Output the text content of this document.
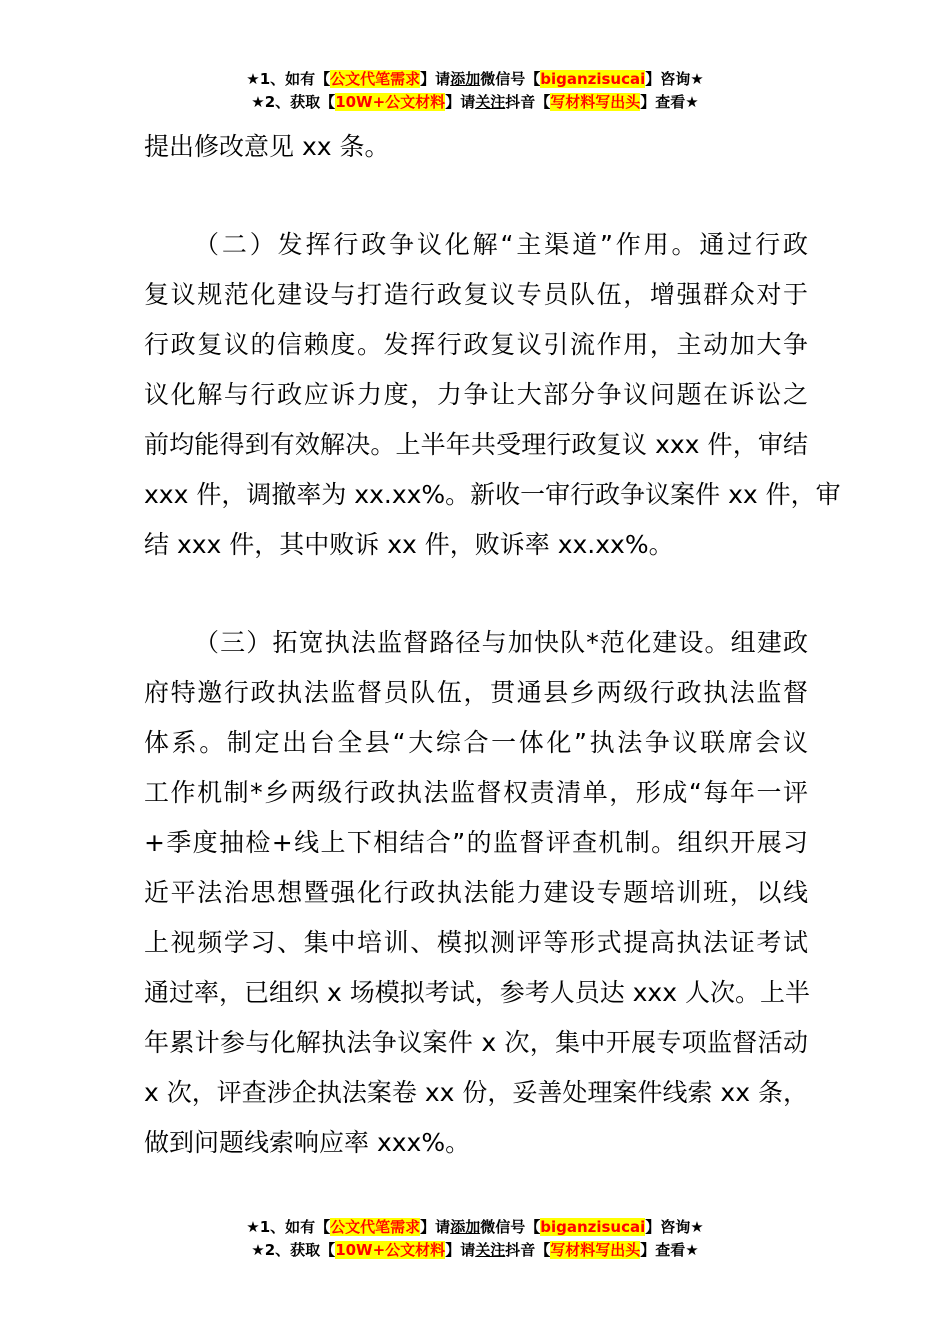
★1、如有【公文代笔需求】请添加微信号【biganzisucai】咨询★
★2、获取【10W+公文材料】请关注抖音【写材料写出头】查看★
提出修改意见 xx 条。
（二）发挥行政争议化解“主渠道”作用。通过行政
复议规范化建设与打造行政复议专员队伍，增强群众对于
行政复议的信赖度。发挥行政复议引流作用，主动加大争
议化解与行政应诉力度，力争让大部分争议问题在诉讼之
前均能得到有效解决。上半年共受理行政复议 xxx 件，审结
xxx 件，调撤率为 xx.xx%。新收一审行政争议案件 xx 件，审
结 xxx 件，其中败诉 xx 件，败诉率 xx.xx%。
（三）拓宽执法监督路径与加快队*范化建设。组建政
府特邀行政执法监督员队伍，贯通县乡两级行政执法监督
体系。制定出台全县“大综合一体化”执法争议联席会议
工作机制*乡两级行政执法监督权责清单，形成“每年一评
+季度抽检+线上下相结合”的监督评查机制。组织开展习
近平法治思想暨强化行政执法能力建设专题培训班，以线
上视频学习、集中培训、模拟测评等形式提高执法证考试
通过率，已组织 x 场模拟考试，参考人员达 xxx 人次。上半
年累计参与化解执法争议案件 x 次，集中开展专项监督活动
x 次，评查涉企执法案卷 xx 份，妥善处理案件线索 xx 条，
做到问题线索响应率 xxx%。
★1、如有【公文代笔需求】请添加微信号【biganzisucai】咨询★
★2、获取【10W+公文材料】请关注抖音【写材料写出头】查看★
